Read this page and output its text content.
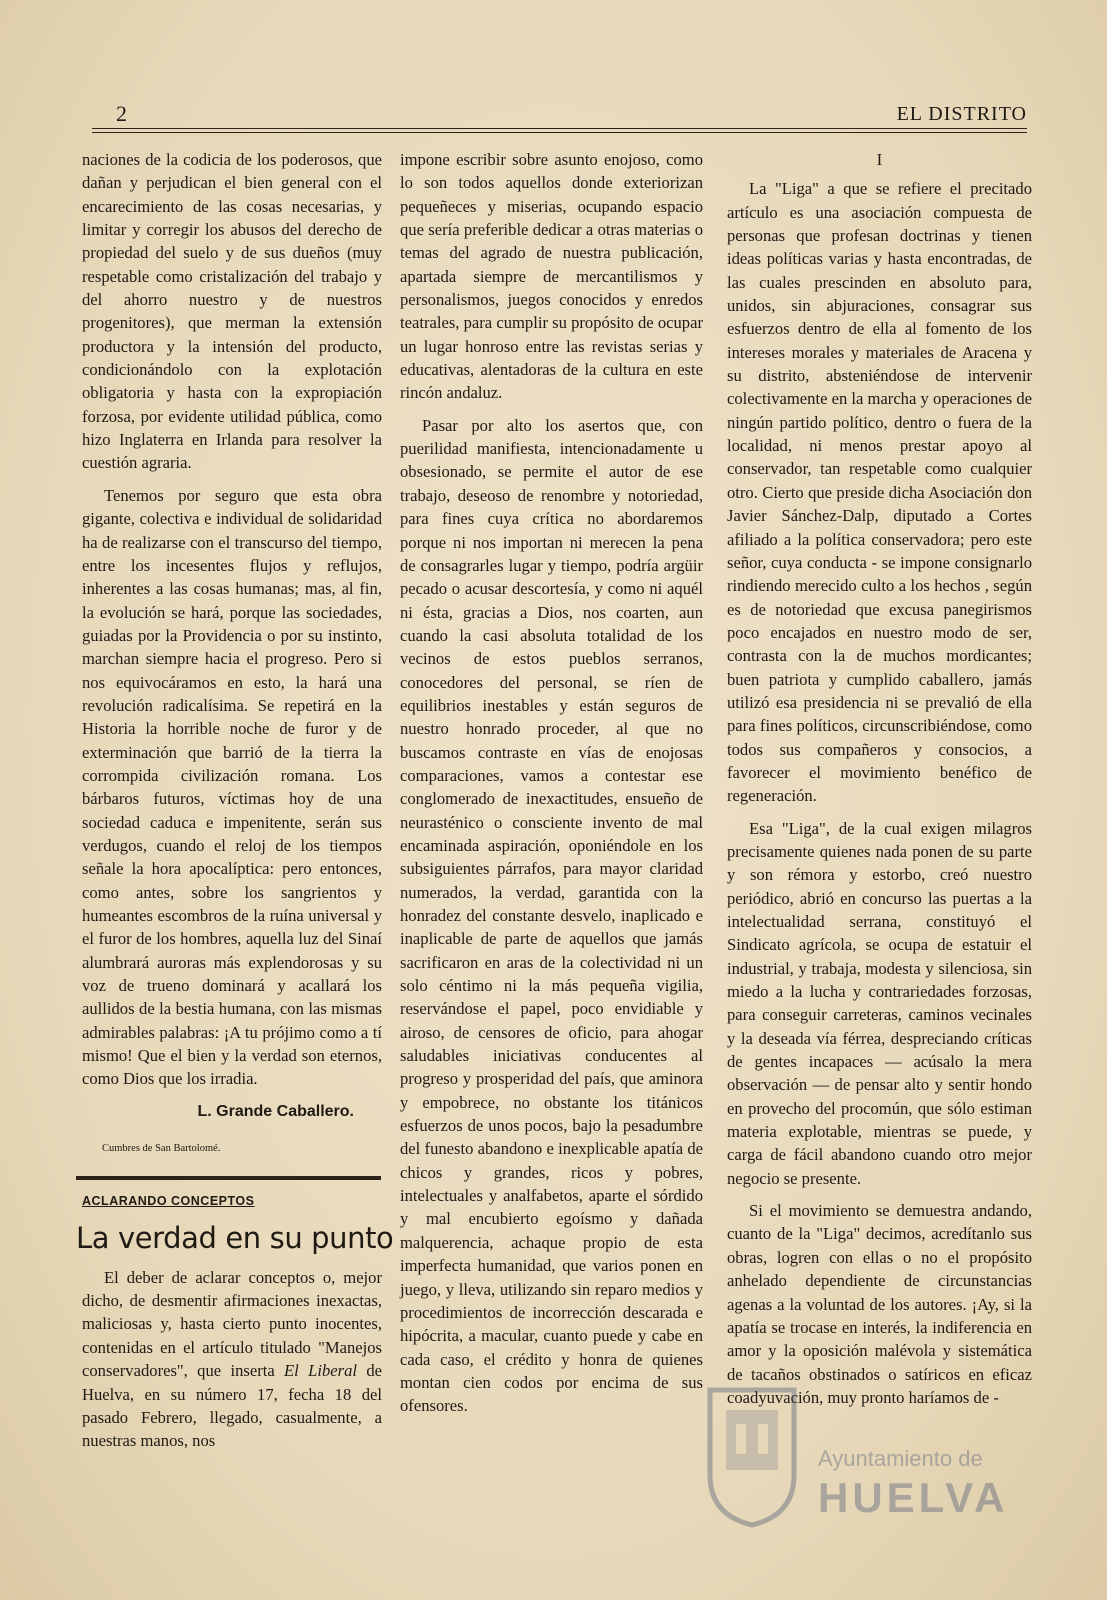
2	EL DISTRITO

naciones de la codicia de los poderosos, que dañan y perjudican el bien general con el encarecimiento de las cosas necesarias, y limitar y corregir los abusos del derecho de propiedad del suelo y de sus dueños (muy respetable como cristalización del trabajo y del ahorro nuestro y de nuestros progenitores), que merman la extensión productora y la intensión del producto, condicionándolo con la explotación obligatoria y hasta con la expropiación forzosa, por evidente utilidad pública, como hizo Inglaterra en Irlanda para resolver la cuestión agraria.

Tenemos por seguro que esta obra gigante, colectiva e individual de solidaridad ha de realizarse con el transcurso del tiempo, entre los incesentes flujos y reflujos, inherentes a las cosas humanas; mas, al fin, la evolución se hará, porque las sociedades, guiadas por la Providencia o por su instinto, marchan siempre hacia el progreso. Pero si nos equivocáramos en esto, la hará una revolución radicalísima. Se repetirá en la Historia la horrible noche de furor y de exterminación que barrió de la tierra la corrompida civilización romana. Los bárbaros futuros, víctimas hoy de una sociedad caduca e impenitente, serán sus verdugos, cuando el reloj de los tiempos señale la hora apocalíptica: pero entonces, como antes, sobre los sangrientos y humeantes escombros de la ruína universal y el furor de los hombres, aquella luz del Sinaí alumbrará auroras más explendorosas y su voz de trueno dominará y acallará los aullidos de la bestia humana, con las mismas admirables palabras: ¡A tu prójimo como a tí mismo! Que el bien y la verdad son eternos, como Dios que los irradia.

L. Grande Caballero.
Cumbres de San Bartolomé.
ACLARANDO CONCEPTOS
La verdad en su punto

El deber de aclarar conceptos o, mejor dicho, de desmentir afirmaciones inexactas, maliciosas y, hasta cierto punto inocentes, contenidas en el artículo titulado "Manejos conservadores", que inserta El Liberal de Huelva, en su número 17, fecha 18 del pasado Febrero, llegado, casualmente, a nuestras manos, nos

impone escribir sobre asunto enojoso, como lo son todos aquellos donde exteriorizan pequeñeces y miserias, ocupando espacio que sería preferible dedicar a otras materias o temas del agrado de nuestra publicación, apartada siempre de mercantilismos y personalismos, juegos conocidos y enredos teatrales, para cumplir su propósito de ocupar un lugar honroso entre las revistas serias y educativas, alentadoras de la cultura en este rincón andaluz.

Pasar por alto los asertos que, con puerilidad manifiesta, intencionadamente u obsesionado, se permite el autor de ese trabajo, deseoso de renombre y notoriedad, para fines cuya crítica no abordaremos porque ni nos importan ni merecen la pena de consagrarles lugar y tiempo, podría argüir pecado o acusar descortesía, y como ni aquél ni ésta, gracias a Dios, nos coarten, aun cuando la casi absoluta totalidad de los vecinos de estos pueblos serranos, conocedores del personal, se ríen de equilibrios inestables y están seguros de nuestro honrado proceder, al que no buscamos contraste en vías de enojosas comparaciones, vamos a contestar ese conglomerado de inexactitudes, ensueño de neurasténico o consciente invento de mal encaminada aspiración, oponiéndole en los subsiguientes párrafos, para mayor claridad numerados, la verdad, garantida con la honradez del constante desvelo, inaplicado e inaplicable de parte de aquellos que jamás sacrificaron en aras de la colectividad ni un solo céntimo ni la más pequeña vigilia, reservándose el papel, poco envidiable y airoso, de censores de oficio, para ahogar saludables iniciativas conducentes al progreso y prosperidad del país, que aminora y empobrece, no obstante los titánicos esfuerzos de unos pocos, bajo la pesadumbre del funesto abandono e inexplicable apatía de chicos y grandes, ricos y pobres, intelectuales y analfabetos, aparte el sórdido y mal encubierto egoísmo y dañada malquerencia, achaque propio de esta imperfecta humanidad, que varios ponen en juego, y lleva, utilizando sin reparo medios y procedimientos de incorrección descarada e hipócrita, a macular, cuanto puede y cabe en cada caso, el crédito y honra de quienes montan cien codos por encima de sus ofensores.

I

La "Liga" a que se refiere el precitado artículo es una asociación compuesta de personas que profesan doctrinas y tienen ideas políticas varias y hasta encontradas, de las cuales prescinden en absoluto para, unidos, sin abjuraciones, consagrar sus esfuerzos dentro de ella al fomento de los intereses morales y materiales de Aracena y su distrito, absteniéndose de intervenir colectivamente en la marcha y operaciones de ningún partido político, dentro o fuera de la localidad, ni menos prestar apoyo al conservador, tan respetable como cualquier otro. Cierto que preside dicha Asociación don Javier Sánchez-Dalp, diputado a Cortes afiliado a la política conservadora; pero este señor, cuya conducta - se impone consignarlo rindiendo merecido culto a los hechos , según es de notoriedad que excusa panegirismos poco encajados en nuestro modo de ser, contrasta con la de muchos mordicantes; buen patriota y cumplido caballero, jamás utilizó esa presidencia ni se prevalió de ella para fines políticos, circunscribiéndose, como todos sus compañeros y consocios, a favorecer el movimiento benéfico de regeneración.

Esa "Liga", de la cual exigen milagros precisamente quienes nada ponen de su parte y son rémora y estorbo, creó nuestro periódico, abrió en concurso las puertas a la intelectualidad serrana, constituyó el Sindicato agrícola, se ocupa de estatuir el industrial, y trabaja, modesta y silenciosa, sin miedo a la lucha y contrariedades forzosas, para conseguir carreteras, caminos vecinales y la deseada vía férrea, despreciando críticas de gentes incapaces — acúsalo la mera observación — de pensar alto y sentir hondo en provecho del procomún, que sólo estiman materia explotable, mientras se puede, y carga de fácil abandono cuando otro mejor negocio se presente.

Si el movimiento se demuestra andando, cuanto de la "Liga" decimos, acredítanlo sus obras, logren con ellas o no el propósito anhelado dependiente de circunstancias agenas a la voluntad de los autores. ¡Ay, si la apatía se trocase en interés, la indiferencia en amor y la oposición malévola y sistemática de tacaños obstinados o satíricos en eficaz coadyuvación, muy pronto haríamos de -

Ayuntamiento de
HUELVA
